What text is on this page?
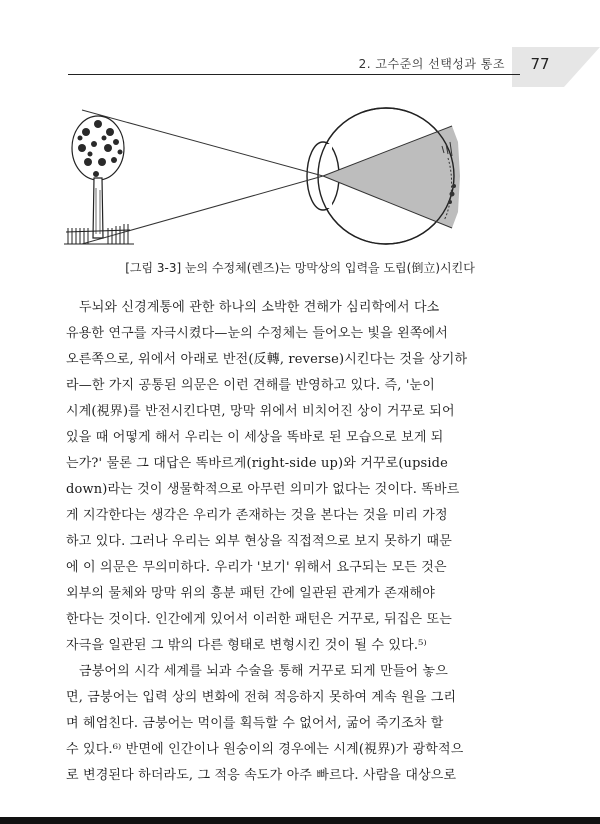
2. 고수준의 선택성과 통조	77
[그림 3-3] 눈의 수정체(렌즈)는 망막상의 입력을 도립(倒立)시킨다
두뇌와 신경계통에 관한 하나의 소박한 견해가 심리학에서 다소
유용한 연구를 자극시켰다—눈의 수정체는 들어오는 빛을 왼쪽에서
오른쪽으로, 위에서 아래로 반전(反轉, reverse)시킨다는 것을 상기하
라—한 가지 공통된 의문은 이런 견해를 반영하고 있다. 즉, '눈이
시계(視界)를 반전시킨다면, 망막 위에서 비치어진 상이 거꾸로 되어
있을 때 어떻게 해서 우리는 이 세상을 똑바로 된 모습으로 보게 되
는가?' 물론 그 대답은 똑바르게(right-side up)와 거꾸로(upside
down)라는 것이 생물학적으로 아무런 의미가 없다는 것이다. 똑바르
게 지각한다는 생각은 우리가 존재하는 것을 본다는 것을 미리 가정
하고 있다. 그러나 우리는 외부 현상을 직접적으로 보지 못하기 때문
에 이 의문은 무의미하다. 우리가 '보기' 위해서 요구되는 모든 것은
외부의 물체와 망막 위의 흥분 패턴 간에 일관된 관계가 존재해야
한다는 것이다. 인간에게 있어서 이러한 패턴은 거꾸로, 뒤집은 또는
자극을 일관된 그 밖의 다른 형태로 변형시킨 것이 될 수 있다.⁵⁾
금붕어의 시각 세계를 뇌과 수술을 통해 거꾸로 되게 만들어 놓으
면, 금붕어는 입력 상의 변화에 전혀 적응하지 못하여 계속 원을 그리
며 헤엄친다. 금붕어는 먹이를 획득할 수 없어서, 굶어 죽기조차 할
수 있다.⁶⁾ 반면에 인간이나 원숭이의 경우에는 시계(視界)가 광학적으
로 변경된다 하더라도, 그 적응 속도가 아주 빠르다. 사람을 대상으로
